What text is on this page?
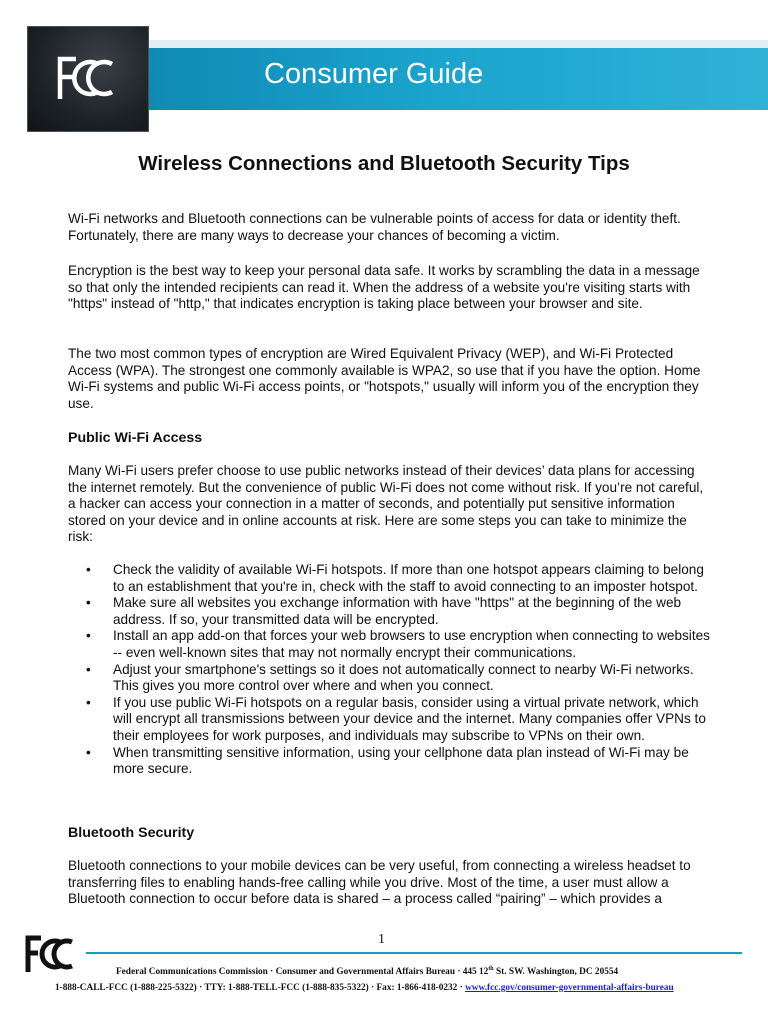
Consumer Guide
Wireless Connections and Bluetooth Security Tips

Wi-Fi networks and Bluetooth connections can be vulnerable points of access for data or identity theft. Fortunately, there are many ways to decrease your chances of becoming a victim.

Encryption is the best way to keep your personal data safe. It works by scrambling the data in a message so that only the intended recipients can read it. When the address of a website you're visiting starts with "https" instead of "http," that indicates encryption is taking place between your browser and site.

The two most common types of encryption are Wired Equivalent Privacy (WEP), and Wi-Fi Protected Access (WPA). The strongest one commonly available is WPA2, so use that if you have the option. Home Wi-Fi systems and public Wi-Fi access points, or "hotspots," usually will inform you of the encryption they use.

Public Wi-Fi Access

Many Wi-Fi users prefer choose to use public networks instead of their devices’ data plans for accessing the internet remotely. But the convenience of public Wi-Fi does not come without risk. If you’re not careful, a hacker can access your connection in a matter of seconds, and potentially put sensitive information stored on your device and in online accounts at risk. Here are some steps you can take to minimize the risk:

• Check the validity of available Wi-Fi hotspots. If more than one hotspot appears claiming to belong to an establishment that you're in, check with the staff to avoid connecting to an imposter hotspot.
• Make sure all websites you exchange information with have "https" at the beginning of the web address. If so, your transmitted data will be encrypted.
• Install an app add-on that forces your web browsers to use encryption when connecting to websites -- even well-known sites that may not normally encrypt their communications.
• Adjust your smartphone's settings so it does not automatically connect to nearby Wi-Fi networks. This gives you more control over where and when you connect.
• If you use public Wi-Fi hotspots on a regular basis, consider using a virtual private network, which will encrypt all transmissions between your device and the internet. Many companies offer VPNs to their employees for work purposes, and individuals may subscribe to VPNs on their own.
• When transmitting sensitive information, using your cellphone data plan instead of Wi-Fi may be more secure.
Bluetooth Security

Bluetooth connections to your mobile devices can be very useful, from connecting a wireless headset to transferring files to enabling hands-free calling while you drive. Most of the time, a user must allow a Bluetooth connection to occur before data is shared – a process called “pairing” – which provides a

1
Federal Communications Commission · Consumer and Governmental Affairs Bureau · 445 12th St. SW. Washington, DC 20554
1-888-CALL-FCC (1-888-225-5322) · TTY: 1-888-TELL-FCC (1-888-835-5322) · Fax: 1-866-418-0232 · www.fcc.gov/consumer-governmental-affairs-bureau
